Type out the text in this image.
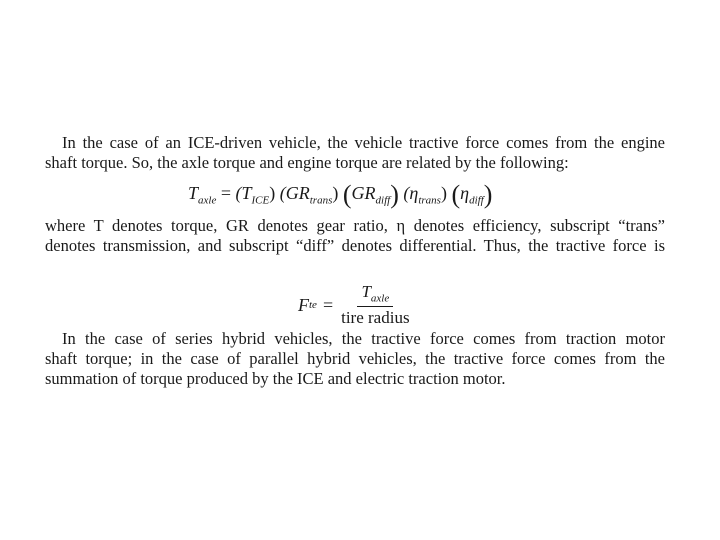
In the case of an ICE-driven vehicle, the vehicle tractive force comes from the engine
shaft torque. So, the axle torque and engine torque are related by the following:
$T_{axle} = (T_{ICE})$ $(GR_{trans})$ $(GR_{diff})$ $(\eta_{trans})$ $(\eta_{diff})$
where T denotes torque, GR denotes gear ratio, η denotes efficiency, subscript “trans”
denotes transmission, and subscript “diff” denotes differential. Thus, the tractive force is
F te = $\frac{T_{axle}}{\text{tire radius}}$
In the case of series hybrid vehicles, the tractive force comes from traction motor
shaft torque; in the case of parallel hybrid vehicles, the tractive force comes from the
summation of torque produced by the ICE and electric traction motor.
